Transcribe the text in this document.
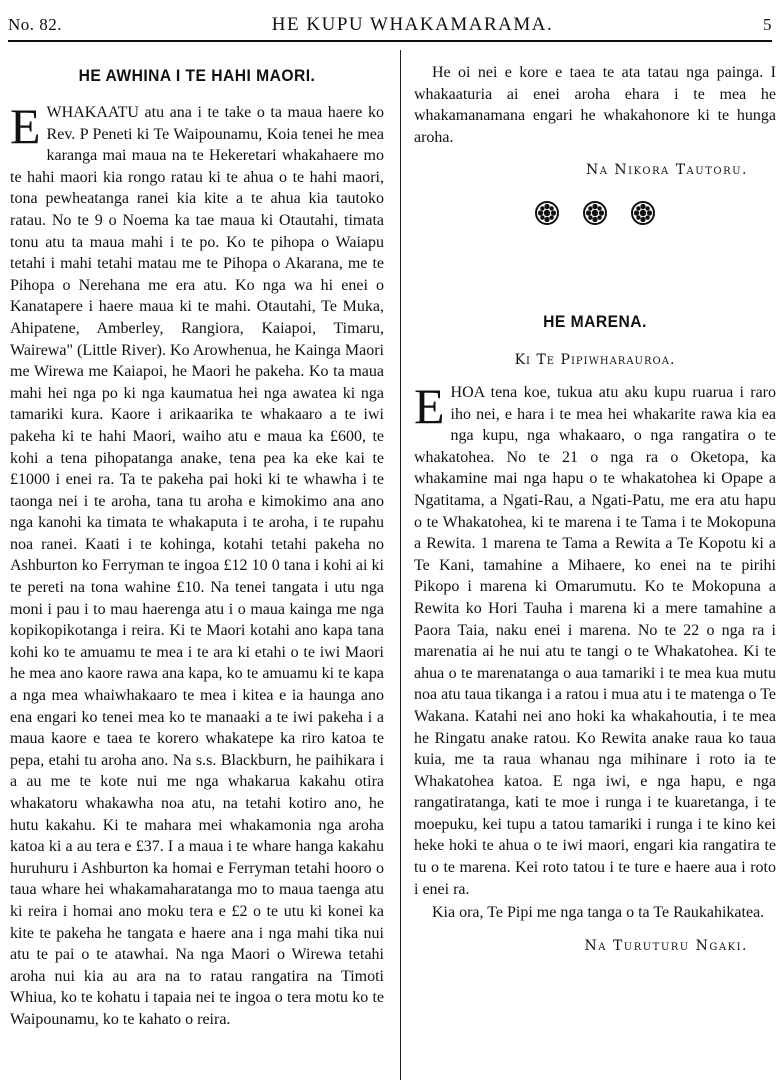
No. 82.	HE KUPU WHAKAMARAMA.	5
HE AWHINA I TE HAHI MAORI.

EWHAKAATU atu ana i te take o ta maua haere ko Rev. P Peneti ki Te Waipounamu, Koia tenei he mea karanga mai maua na te Hekeretari whakahaere mo te hahi maori kia rongo ratau ki te ahua o te hahi maori, tona pewheatanga ranei kia kite a te ahua kia tautoko ratau. No te 9 o Noema ka tae maua ki Otautahi, timata tonu atu ta maua mahi i te po. Ko te pihopa o Waiapu tetahi i mahi tetahi matau me te Pihopa o Akarana, me te Pihopa o Nerehana me era atu. Ko nga wa hi enei o Kanatapere i haere maua ki te mahi. Otautahi, Te Muka, Ahipatene, Amberley, Rangiora, Kaiapoi, Timaru, Wairewa" (Little River). Ko Arowhenua, he Kainga Maori me Wirewa me Kaiapoi, he Maori he pakeha. Ko ta maua mahi hei nga po ki nga kaumatua hei nga awatea ki nga tamariki kura. Kaore i arikaarika te whakaaro a te iwi pakeha ki te hahi Maori, waiho atu e maua ka £600, te kohi a tena pihopatanga anake, tena pea ka eke kai te £1000 i enei ra. Ta te pakeha pai hoki ki te whawha i te taonga nei i te aroha, tana tu aroha e kimokimo ana ano nga kanohi ka timata te whakaputa i te aroha, i te rupahu noa ranei. Kaati i te kohinga, kotahi tetahi pakeha no Ashburton ko Ferryman te ingoa £12 10 0 tana i kohi ai ki te pereti na tona wahine £10. Na tenei tangata i utu nga moni i pau i to mau haerenga atu i o maua kainga me nga kopikopikotanga i reira. Ki te Maori kotahi ano kapa tana kohi ko te amuamu te mea i te ara ki etahi o te iwi Maori he mea ano kaore rawa ana kapa, ko te amuamu ki te kapa a nga mea whaiwhakaaro te mea i kitea e ia haunga ano ena engari ko tenei mea ko te manaaki a te iwi pakeha i a maua kaore e taea te korero whakatepe ka riro katoa te pepa, etahi tu aroha ano. Na s.s. Blackburn, he paihikara i a au me te kote nui me nga whakarua kakahu otira whakatoru whakawha noa atu, na tetahi kotiro ano, he hutu kakahu. Ki te mahara mei whakamonia nga aroha katoa ki a au tera e £37. I a maua i te whare hanga kakahu huruhuru i Ashburton ka homai e Ferryman tetahi hooro o taua whare hei whakamaharatanga mo to maua taenga atu ki reira i homai ano moku tera e £2 o te utu ki konei ka kite te pakeha he tangata e haere ana i nga mahi tika nui atu te pai o te atawhai. Na nga Maori o Wirewa tetahi aroha nui kia au ara na to ratau rangatira na Timoti Whiua, ko te kohatu i tapaia nei te ingoa o tera motu ko te Waipounamu, ko te kahato o reira.

He oi nei e kore e taea te ata tatau nga painga. I whakaaturia ai enei aroha ehara i te mea he whakamanamana engari he whakahonore ki te hunga aroha.

Na Nikora Tautoru.
HE MARENA.
Ki Te Pipiwharauroa.

EHOA tena koe, tukua atu aku kupu ruarua i raro iho nei, e hara i te mea hei whakarite rawa kia ea nga kupu, nga whakaaro, o nga rangatira o te whakatohea. No te 21 o nga ra o Oketopa, ka whakamine mai nga hapu o te whakatohea ki Opape a Ngatitama, a Ngati-Rau, a Ngati-Patu, me era atu hapu o te Whakatohea, ki te marena i te Tama i te Mokopuna a Rewita. 1 marena te Tama a Rewita a Te Kopotu ki a Te Kani, tamahine a Mihaere, ko enei na te pirihi Pikopo i marena ki Omarumutu. Ko te Mokopuna a Rewita ko Hori Tauha i marena ki a mere tamahine a Paora Taia, naku enei i marena. No te 22 o nga ra i marenatia ai he nui atu te tangi o te Whakatohea. Ki te ahua o te marenatanga o aua tamariki i te mea kua mutu noa atu taua tikanga i a ratou i mua atu i te matenga o Te Wakana. Katahi nei ano hoki ka whakahoutia, i te mea he Ringatu anake ratou. Ko Rewita anake raua ko taua kuia, me ta raua whanau nga mihinare i roto ia te Whakatohea katoa. E nga iwi, e nga hapu, e nga rangatiratanga, kati te moe i runga i te kuaretanga, i te moepuku, kei tupu a tatou tamariki i runga i te kino kei heke hoki te ahua o te iwi maori, engari kia rangatira te tu o te marena. Kei roto tatou i te ture e haere aua i roto i enei ra.

Kia ora, Te Pipi me nga tanga o ta Te Raukahikatea.

Na Turuturu Ngaki.
